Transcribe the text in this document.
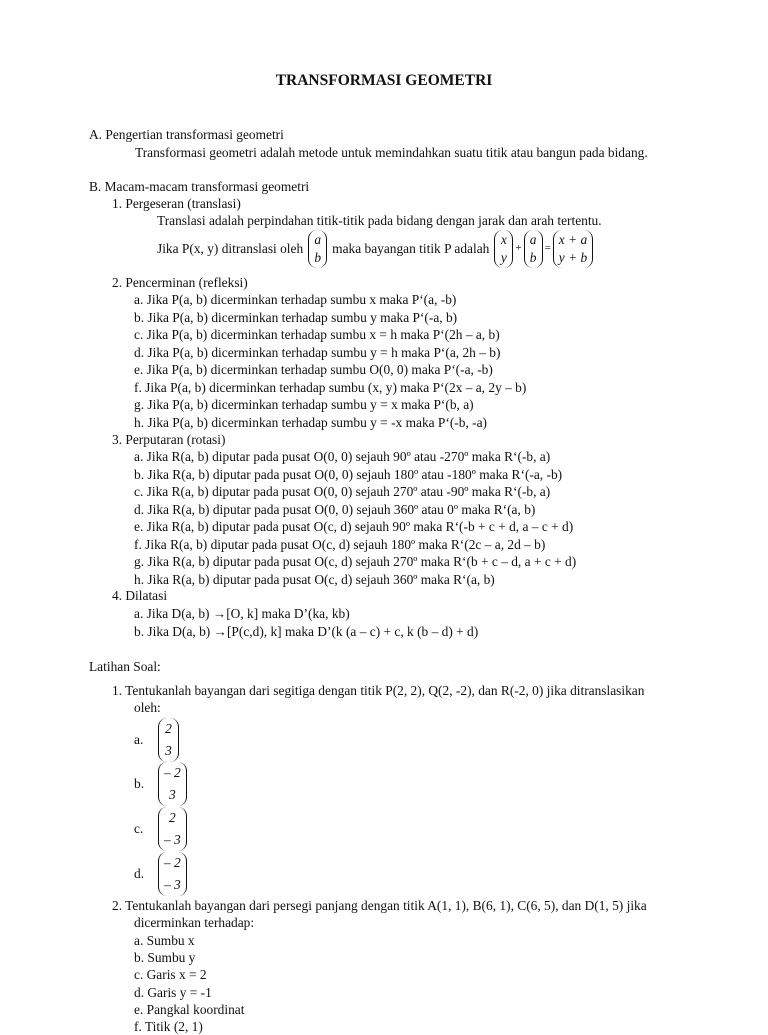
TRANSFORMASI GEOMETRI
A. Pengertian transformasi geometri
Transformasi geometri adalah metode untuk memindahkan suatu titik atau bangun pada bidang.
B. Macam-macam transformasi geometri
1. Pergeseran (translasi)
Translasi adalah perpindahan titik-titik pada bidang dengan jarak dan arah tertentu.
Jika P(x, y) ditranslasi oleh
a
b
maka bayangan titik P adalah
x
y
+
a
b
=
x + a
y + b
2. Pencerminan (refleksi)
a. Jika P(a, b) dicerminkan terhadap sumbu x maka P‘(a, -b)
b. Jika P(a, b) dicerminkan terhadap sumbu y maka P‘(-a, b)
c. Jika P(a, b) dicerminkan terhadap sumbu x = h maka P‘(2h – a, b)
d. Jika P(a, b) dicerminkan terhadap sumbu y = h maka P‘(a, 2h – b)
e. Jika P(a, b) dicerminkan terhadap sumbu O(0, 0) maka P‘(-a, -b)
f. Jika P(a, b) dicerminkan terhadap sumbu (x, y) maka P‘(2x – a, 2y – b)
g. Jika P(a, b) dicerminkan terhadap sumbu y = x maka P‘(b, a)
h. Jika P(a, b) dicerminkan terhadap sumbu y = -x maka P‘(-b, -a)
3. Perputaran (rotasi)
a. Jika R(a, b) diputar pada pusat O(0, 0) sejauh 90º atau -270º maka R‘(-b, a)
b. Jika R(a, b) diputar pada pusat O(0, 0) sejauh 180º atau -180º maka R‘(-a, -b)
c. Jika R(a, b) diputar pada pusat O(0, 0) sejauh 270º atau -90º maka R‘(-b, a)
d. Jika R(a, b) diputar pada pusat O(0, 0) sejauh 360º atau 0º maka R‘(a, b)
e. Jika R(a, b) diputar pada pusat O(c, d) sejauh 90º maka R‘(-b + c + d, a – c + d)
f. Jika R(a, b) diputar pada pusat O(c, d) sejauh 180º maka R‘(2c – a, 2d – b)
g. Jika R(a, b) diputar pada pusat O(c, d) sejauh 270º maka R‘(b + c – d, a + c + d)
h. Jika R(a, b) diputar pada pusat O(c, d) sejauh 360º maka R‘(a, b)
4. Dilatasi
a. Jika D(a, b) →[O, k] maka D’(ka, kb)
b. Jika D(a, b) →[P(c,d), k] maka D’(k (a – c) + c, k (b – d) + d)
Latihan Soal:
1. Tentukanlah bayangan dari segitiga dengan titik P(2, 2), Q(2, -2), dan R(-2, 0) jika ditranslasikan
oleh:
a.
2
3
b.
– 2
3
c.
2
– 3
d.
– 2
– 3
2. Tentukanlah bayangan dari persegi panjang dengan titik A(1, 1), B(6, 1), C(6, 5), dan D(1, 5) jika
dicerminkan terhadap:
a. Sumbu x
b. Sumbu y
c. Garis x = 2
d. Garis y = -1
e. Pangkal koordinat
f. Titik (2, 1)
